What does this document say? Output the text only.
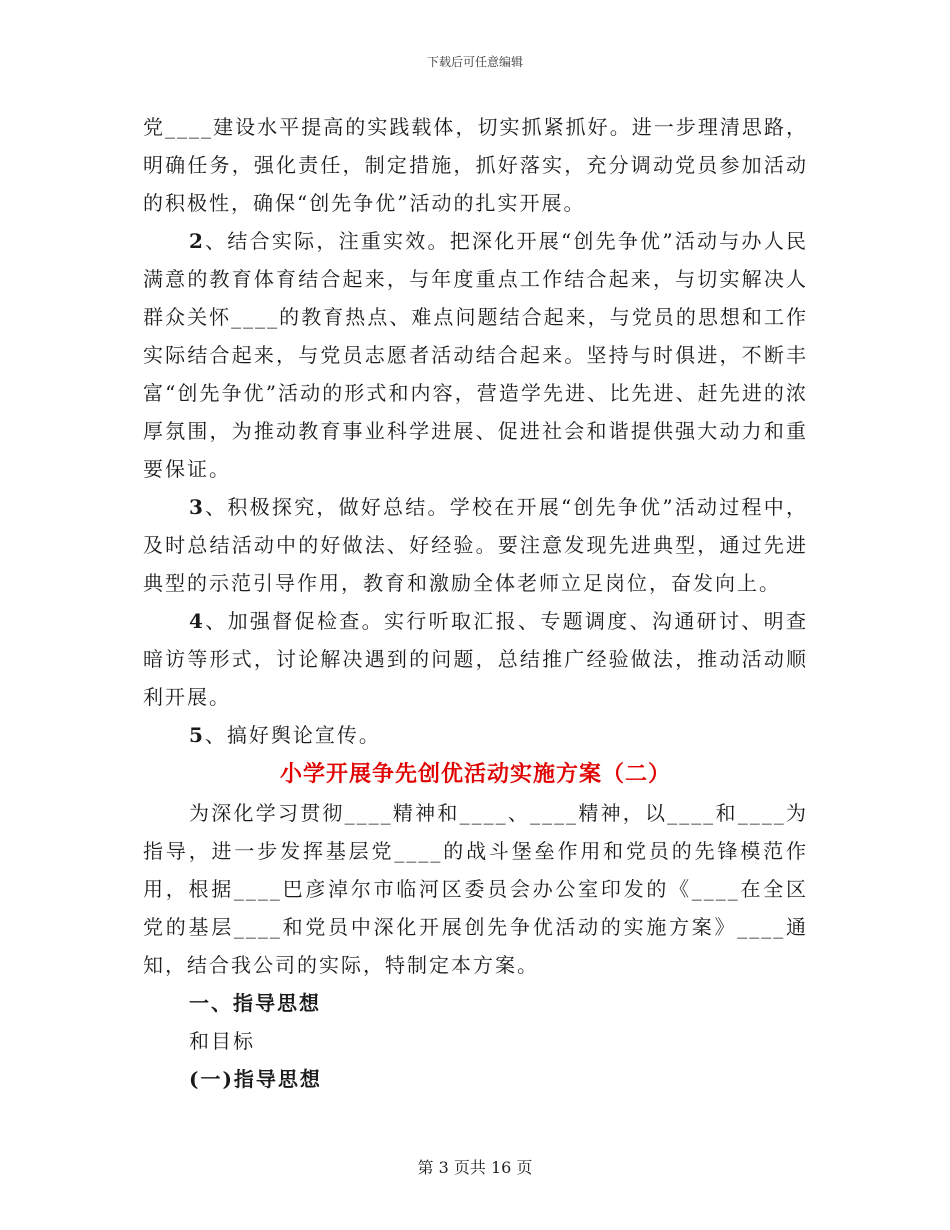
下载后可任意编辑

党____建设水平提高的实践载体，切实抓紧抓好。进一步理清思路，明确任务，强化责任，制定措施，抓好落实，充分调动党员参加活动的积极性，确保“创先争优”活动的扎实开展。

2、结合实际，注重实效。把深化开展“创先争优”活动与办人民满意的教育体育结合起来，与年度重点工作结合起来，与切实解决人群众关怀____的教育热点、难点问题结合起来，与党员的思想和工作实际结合起来，与党员志愿者活动结合起来。坚持与时俱进，不断丰富“创先争优”活动的形式和内容，营造学先进、比先进、赶先进的浓厚氛围，为推动教育事业科学进展、促进社会和谐提供强大动力和重要保证。

3、积极探究，做好总结。学校在开展“创先争优”活动过程中，及时总结活动中的好做法、好经验。要注意发现先进典型，通过先进典型的示范引导作用，教育和激励全体老师立足岗位，奋发向上。

4、加强督促检查。实行听取汇报、专题调度、沟通研讨、明查暗访等形式，讨论解决遇到的问题，总结推广经验做法，推动活动顺利开展。

5、搞好舆论宣传。

小学开展争先创优活动实施方案（二）

为深化学习贯彻____精神和____、____精神，以____和____为指导，进一步发挥基层党____的战斗堡垒作用和党员的先锋模范作用，根据____巴彦淖尔市临河区委员会办公室印发的《____在全区党的基层____和党员中深化开展创先争优活动的实施方案》____通知，结合我公司的实际，特制定本方案。

一、指导思想

和目标

(一)指导思想

第 3 页共 16 页
